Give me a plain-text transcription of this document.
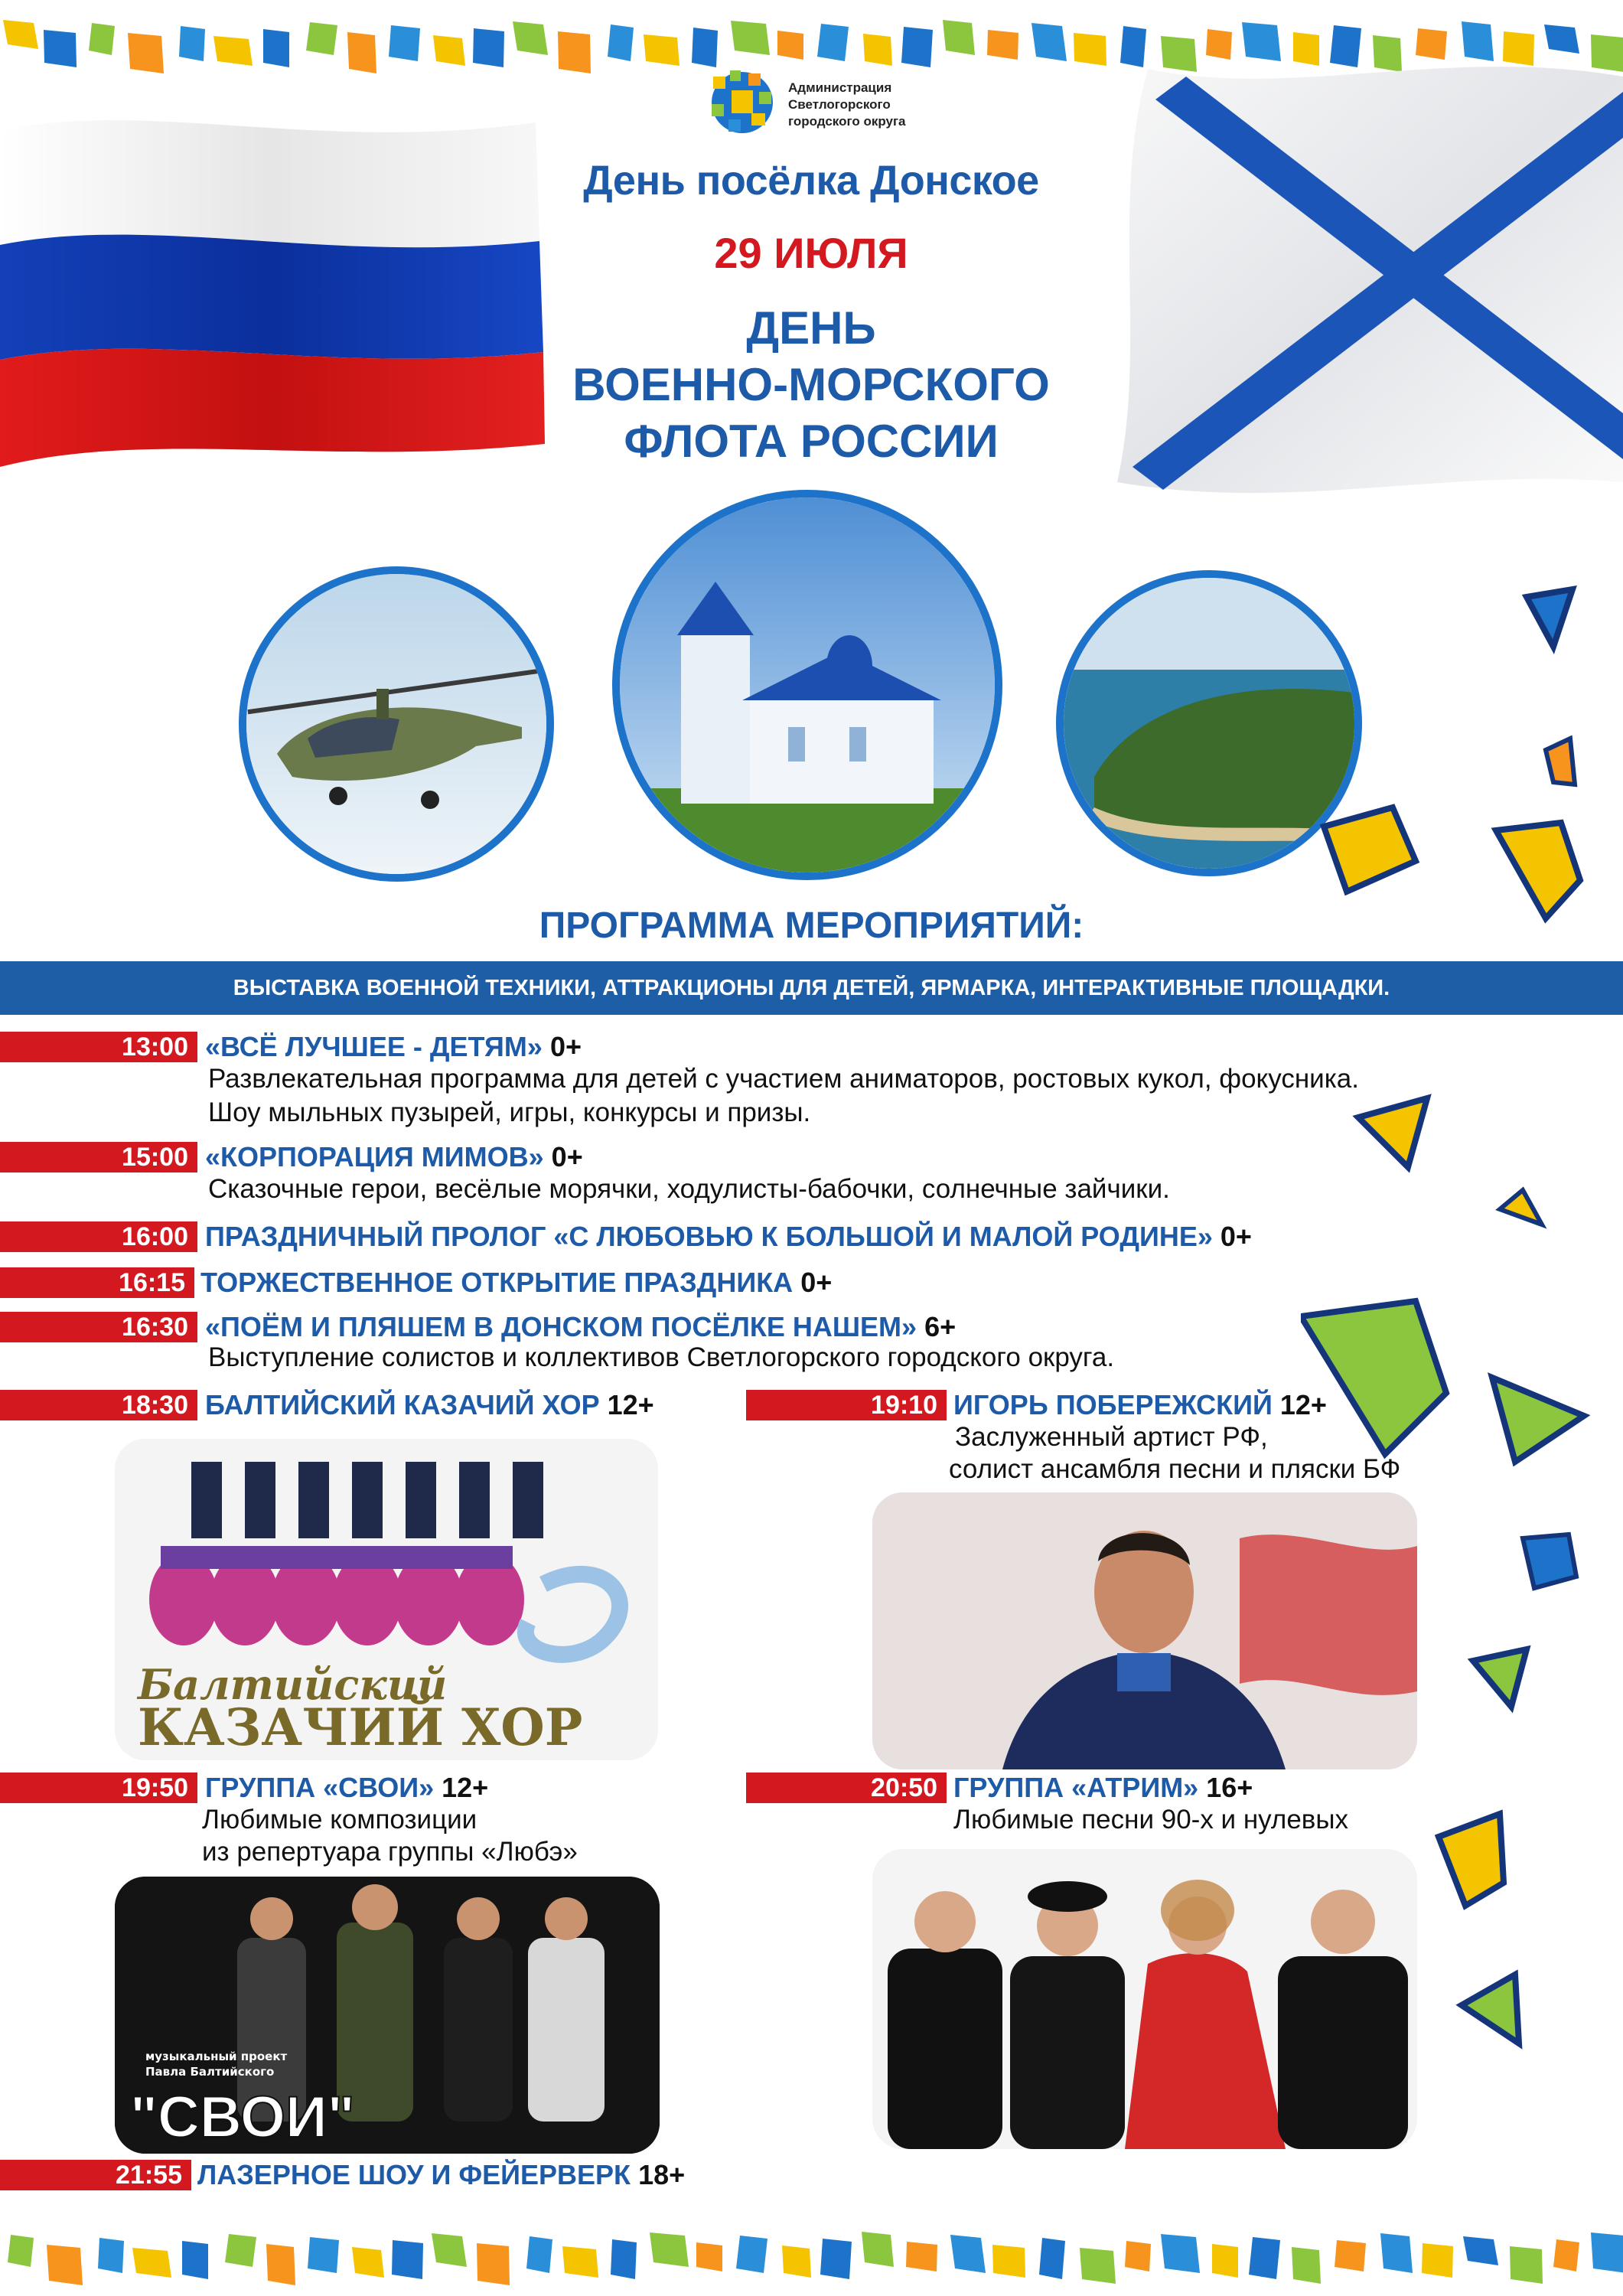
Администрация
Светлогорского
городского округа
День посёлка Донское
29 ИЮЛЯ
ДЕНЬ
ВОЕННО-МОРСКОГО
ФЛОТА РОССИИ
ПРОГРАММА МЕРОПРИЯТИЙ:
ВЫСТАВКА ВОЕННОЙ ТЕХНИКИ, АТТРАКЦИОНЫ ДЛЯ ДЕТЕЙ, ЯРМАРКА, ИНТЕРАКТИВНЫЕ ПЛОЩАДКИ.
13:00 «ВСЁ ЛУЧШЕЕ - ДЕТЯМ» 0+
Развлекательная программа для детей с участием аниматоров, ростовых кукол, фокусника.
Шоу мыльных пузырей, игры, конкурсы и призы.
15:00 «КОРПОРАЦИЯ МИМОВ» 0+
Сказочные герои, весёлые морячки, ходулисты-бабочки, солнечные зайчики.
16:00 ПРАЗДНИЧНЫЙ ПРОЛОГ «С ЛЮБОВЬЮ К БОЛЬШОЙ И МАЛОЙ РОДИНЕ» 0+
16:15 ТОРЖЕСТВЕННОЕ ОТКРЫТИЕ ПРАЗДНИКА 0+
16:30 «ПОЁМ И ПЛЯШЕМ В ДОНСКОМ ПОСЁЛКЕ НАШЕМ» 6+
Выступление солистов и коллективов Светлогорского городского округа.
18:30 БАЛТИЙСКИЙ КАЗАЧИЙ ХОР 12+	19:10 ИГОРЬ ПОБЕРЕЖСКИЙ 12+
Заслуженный артист РФ,
солист ансамбля песни и пляски БФ
Балтийский
КАЗАЧИЙ ХОР
19:50 ГРУППА «СВОИ» 12+
Любимые композиции
из репертуара группы «Любэ»
20:50 ГРУППА «АТРИМ» 16+
Любимые песни 90-х и нулевых
музыкальный проект
Павла Балтийского
"СВОИ"
21:55 ЛАЗЕРНОЕ ШОУ И ФЕЙЕРВЕРК 18+
